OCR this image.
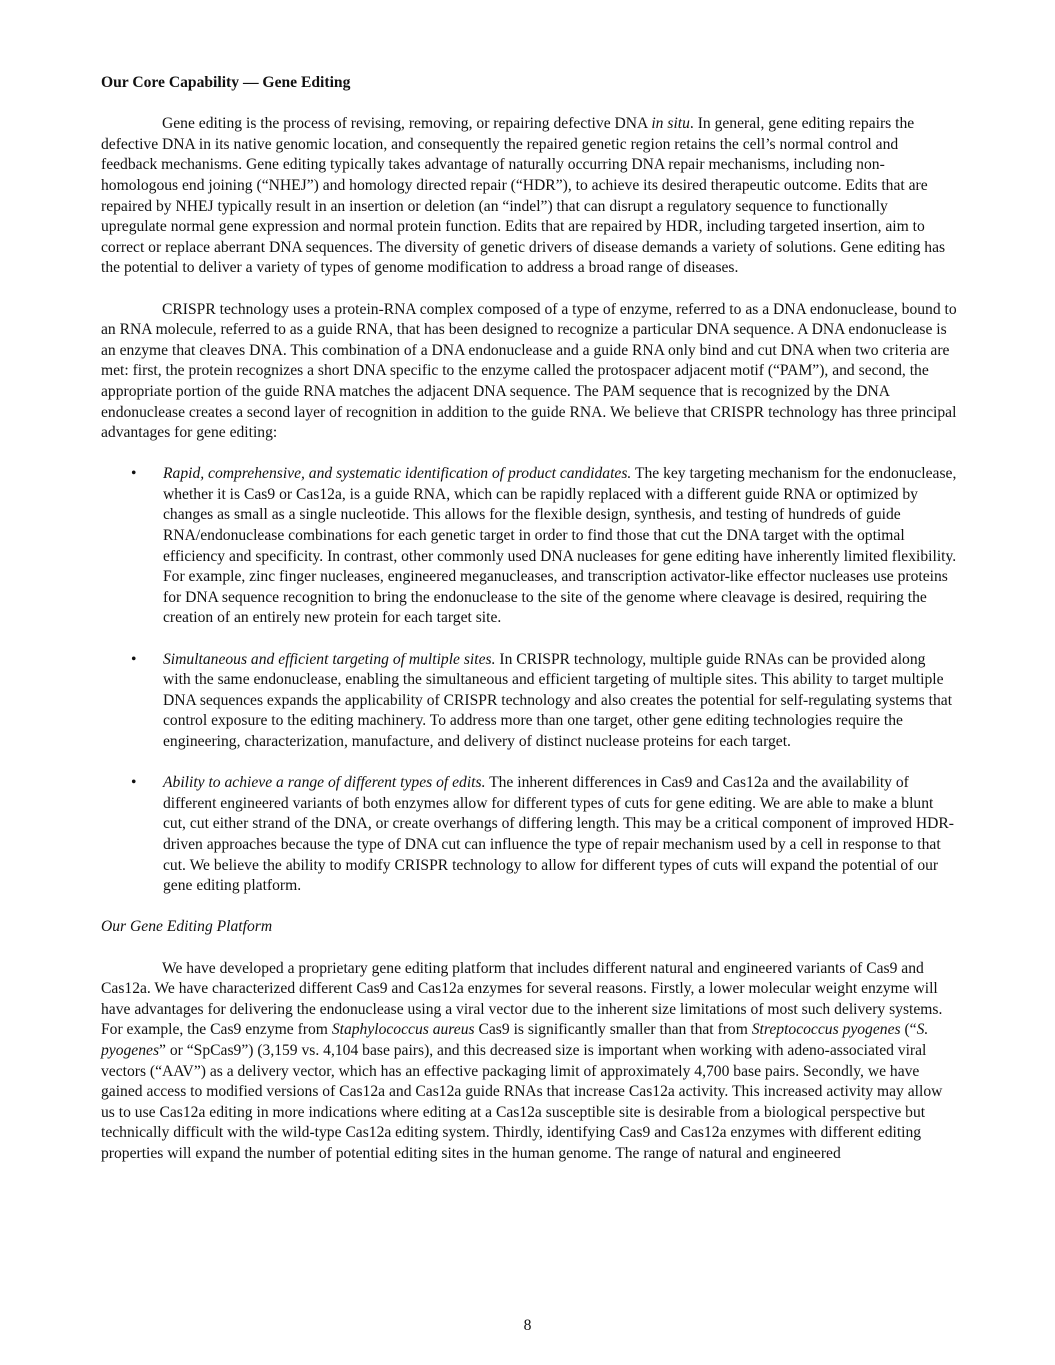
Our Core Capability — Gene Editing

Gene editing is the process of revising, removing, or repairing defective DNA in situ. In general, gene editing repairs the defective DNA in its native genomic location, and consequently the repaired genetic region retains the cell’s normal control and feedback mechanisms. Gene editing typically takes advantage of naturally occurring DNA repair mechanisms, including non-homologous end joining (“NHEJ”) and homology directed repair (“HDR”), to achieve its desired therapeutic outcome. Edits that are repaired by NHEJ typically result in an insertion or deletion (an “indel”) that can disrupt a regulatory sequence to functionally upregulate normal gene expression and normal protein function. Edits that are repaired by HDR, including targeted insertion, aim to correct or replace aberrant DNA sequences. The diversity of genetic drivers of disease demands a variety of solutions. Gene editing has the potential to deliver a variety of types of genome modification to address a broad range of diseases.

CRISPR technology uses a protein-RNA complex composed of a type of enzyme, referred to as a DNA endonuclease, bound to an RNA molecule, referred to as a guide RNA, that has been designed to recognize a particular DNA sequence. A DNA endonuclease is an enzyme that cleaves DNA. This combination of a DNA endonuclease and a guide RNA only bind and cut DNA when two criteria are met: first, the protein recognizes a short DNA specific to the enzyme called the protospacer adjacent motif (“PAM”), and second, the appropriate portion of the guide RNA matches the adjacent DNA sequence. The PAM sequence that is recognized by the DNA endonuclease creates a second layer of recognition in addition to the guide RNA. We believe that CRISPR technology has three principal advantages for gene editing:

• Rapid, comprehensive, and systematic identification of product candidates. The key targeting mechanism for the endonuclease, whether it is Cas9 or Cas12a, is a guide RNA, which can be rapidly replaced with a different guide RNA or optimized by changes as small as a single nucleotide. This allows for the flexible design, synthesis, and testing of hundreds of guide RNA/endonuclease combinations for each genetic target in order to find those that cut the DNA target with the optimal efficiency and specificity. In contrast, other commonly used DNA nucleases for gene editing have inherently limited flexibility. For example, zinc finger nucleases, engineered meganucleases, and transcription activator-like effector nucleases use proteins for DNA sequence recognition to bring the endonuclease to the site of the genome where cleavage is desired, requiring the creation of an entirely new protein for each target site.
• Simultaneous and efficient targeting of multiple sites. In CRISPR technology, multiple guide RNAs can be provided along with the same endonuclease, enabling the simultaneous and efficient targeting of multiple sites. This ability to target multiple DNA sequences expands the applicability of CRISPR technology and also creates the potential for self-regulating systems that control exposure to the editing machinery. To address more than one target, other gene editing technologies require the engineering, characterization, manufacture, and delivery of distinct nuclease proteins for each target.
• Ability to achieve a range of different types of edits. The inherent differences in Cas9 and Cas12a and the availability of different engineered variants of both enzymes allow for different types of cuts for gene editing. We are able to make a blunt cut, cut either strand of the DNA, or create overhangs of differing length. This may be a critical component of improved HDR-driven approaches because the type of DNA cut can influence the type of repair mechanism used by a cell in response to that cut. We believe the ability to modify CRISPR technology to allow for different types of cuts will expand the potential of our gene editing platform.

Our Gene Editing Platform

We have developed a proprietary gene editing platform that includes different natural and engineered variants of Cas9 and Cas12a. We have characterized different Cas9 and Cas12a enzymes for several reasons. Firstly, a lower molecular weight enzyme will have advantages for delivering the endonuclease using a viral vector due to the inherent size limitations of most such delivery systems. For example, the Cas9 enzyme from Staphylococcus aureus Cas9 is significantly smaller than that from Streptococcus pyogenes (“S. pyogenes” or “SpCas9”) (3,159 vs. 4,104 base pairs), and this decreased size is important when working with adeno-associated viral vectors (“AAV”) as a delivery vector, which has an effective packaging limit of approximately 4,700 base pairs. Secondly, we have gained access to modified versions of Cas12a and Cas12a guide RNAs that increase Cas12a activity. This increased activity may allow us to use Cas12a editing in more indications where editing at a Cas12a susceptible site is desirable from a biological perspective but technically difficult with the wild-type Cas12a editing system. Thirdly, identifying Cas9 and Cas12a enzymes with different editing properties will expand the number of potential editing sites in the human genome. The range of natural and engineered

8
